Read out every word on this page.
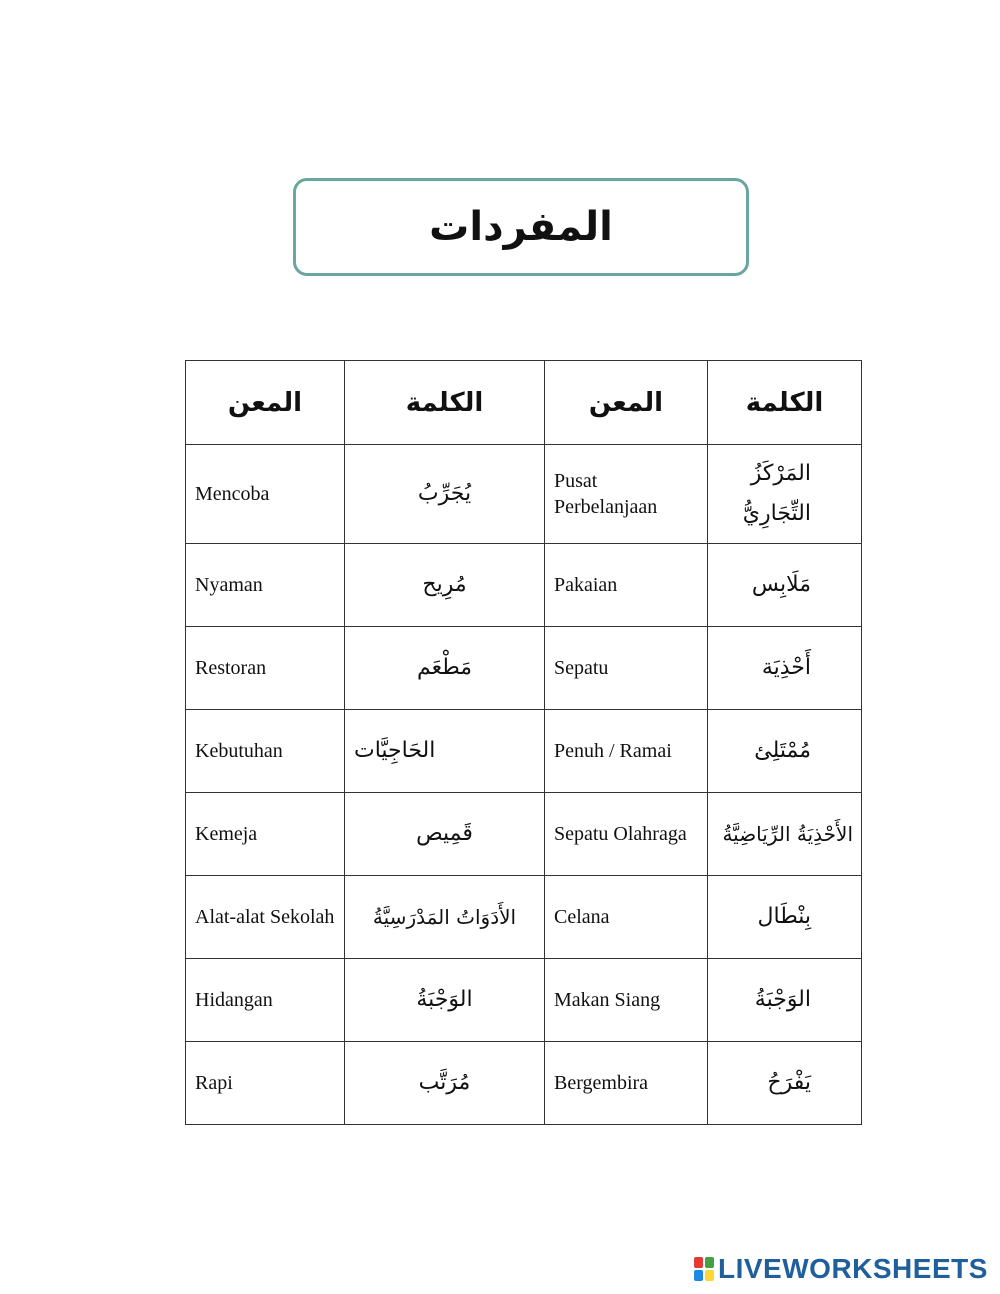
المفردات
المعن	الكلمة	المعن	الكلمة
Mencoba	يُجَرِّبُ	Pusat Perbelanjaan	المَرْكَزُ التِّجَارِيُّ
Nyaman	مُرِيح	Pakaian	مَلَابِس
Restoran	مَطْعَم	Sepatu	أَحْذِيَة
Kebutuhan	الحَاجِيَّات	Penuh / Ramai	مُمْتَلِئ
Kemeja	قَمِيص	Sepatu Olahraga	الأَحْذِيَةُ الرِّيَاضِيَّةُ
Alat-alat Sekolah	الأَدَوَاتُ المَدْرَسِيَّةُ	Celana	بِنْطَال
Hidangan	الوَجْبَةُ	Makan Siang	الوَجْبَةُ
Rapi	مُرَتَّب	Bergembira	يَفْرَحُ
LIVEWORKSHEETS
